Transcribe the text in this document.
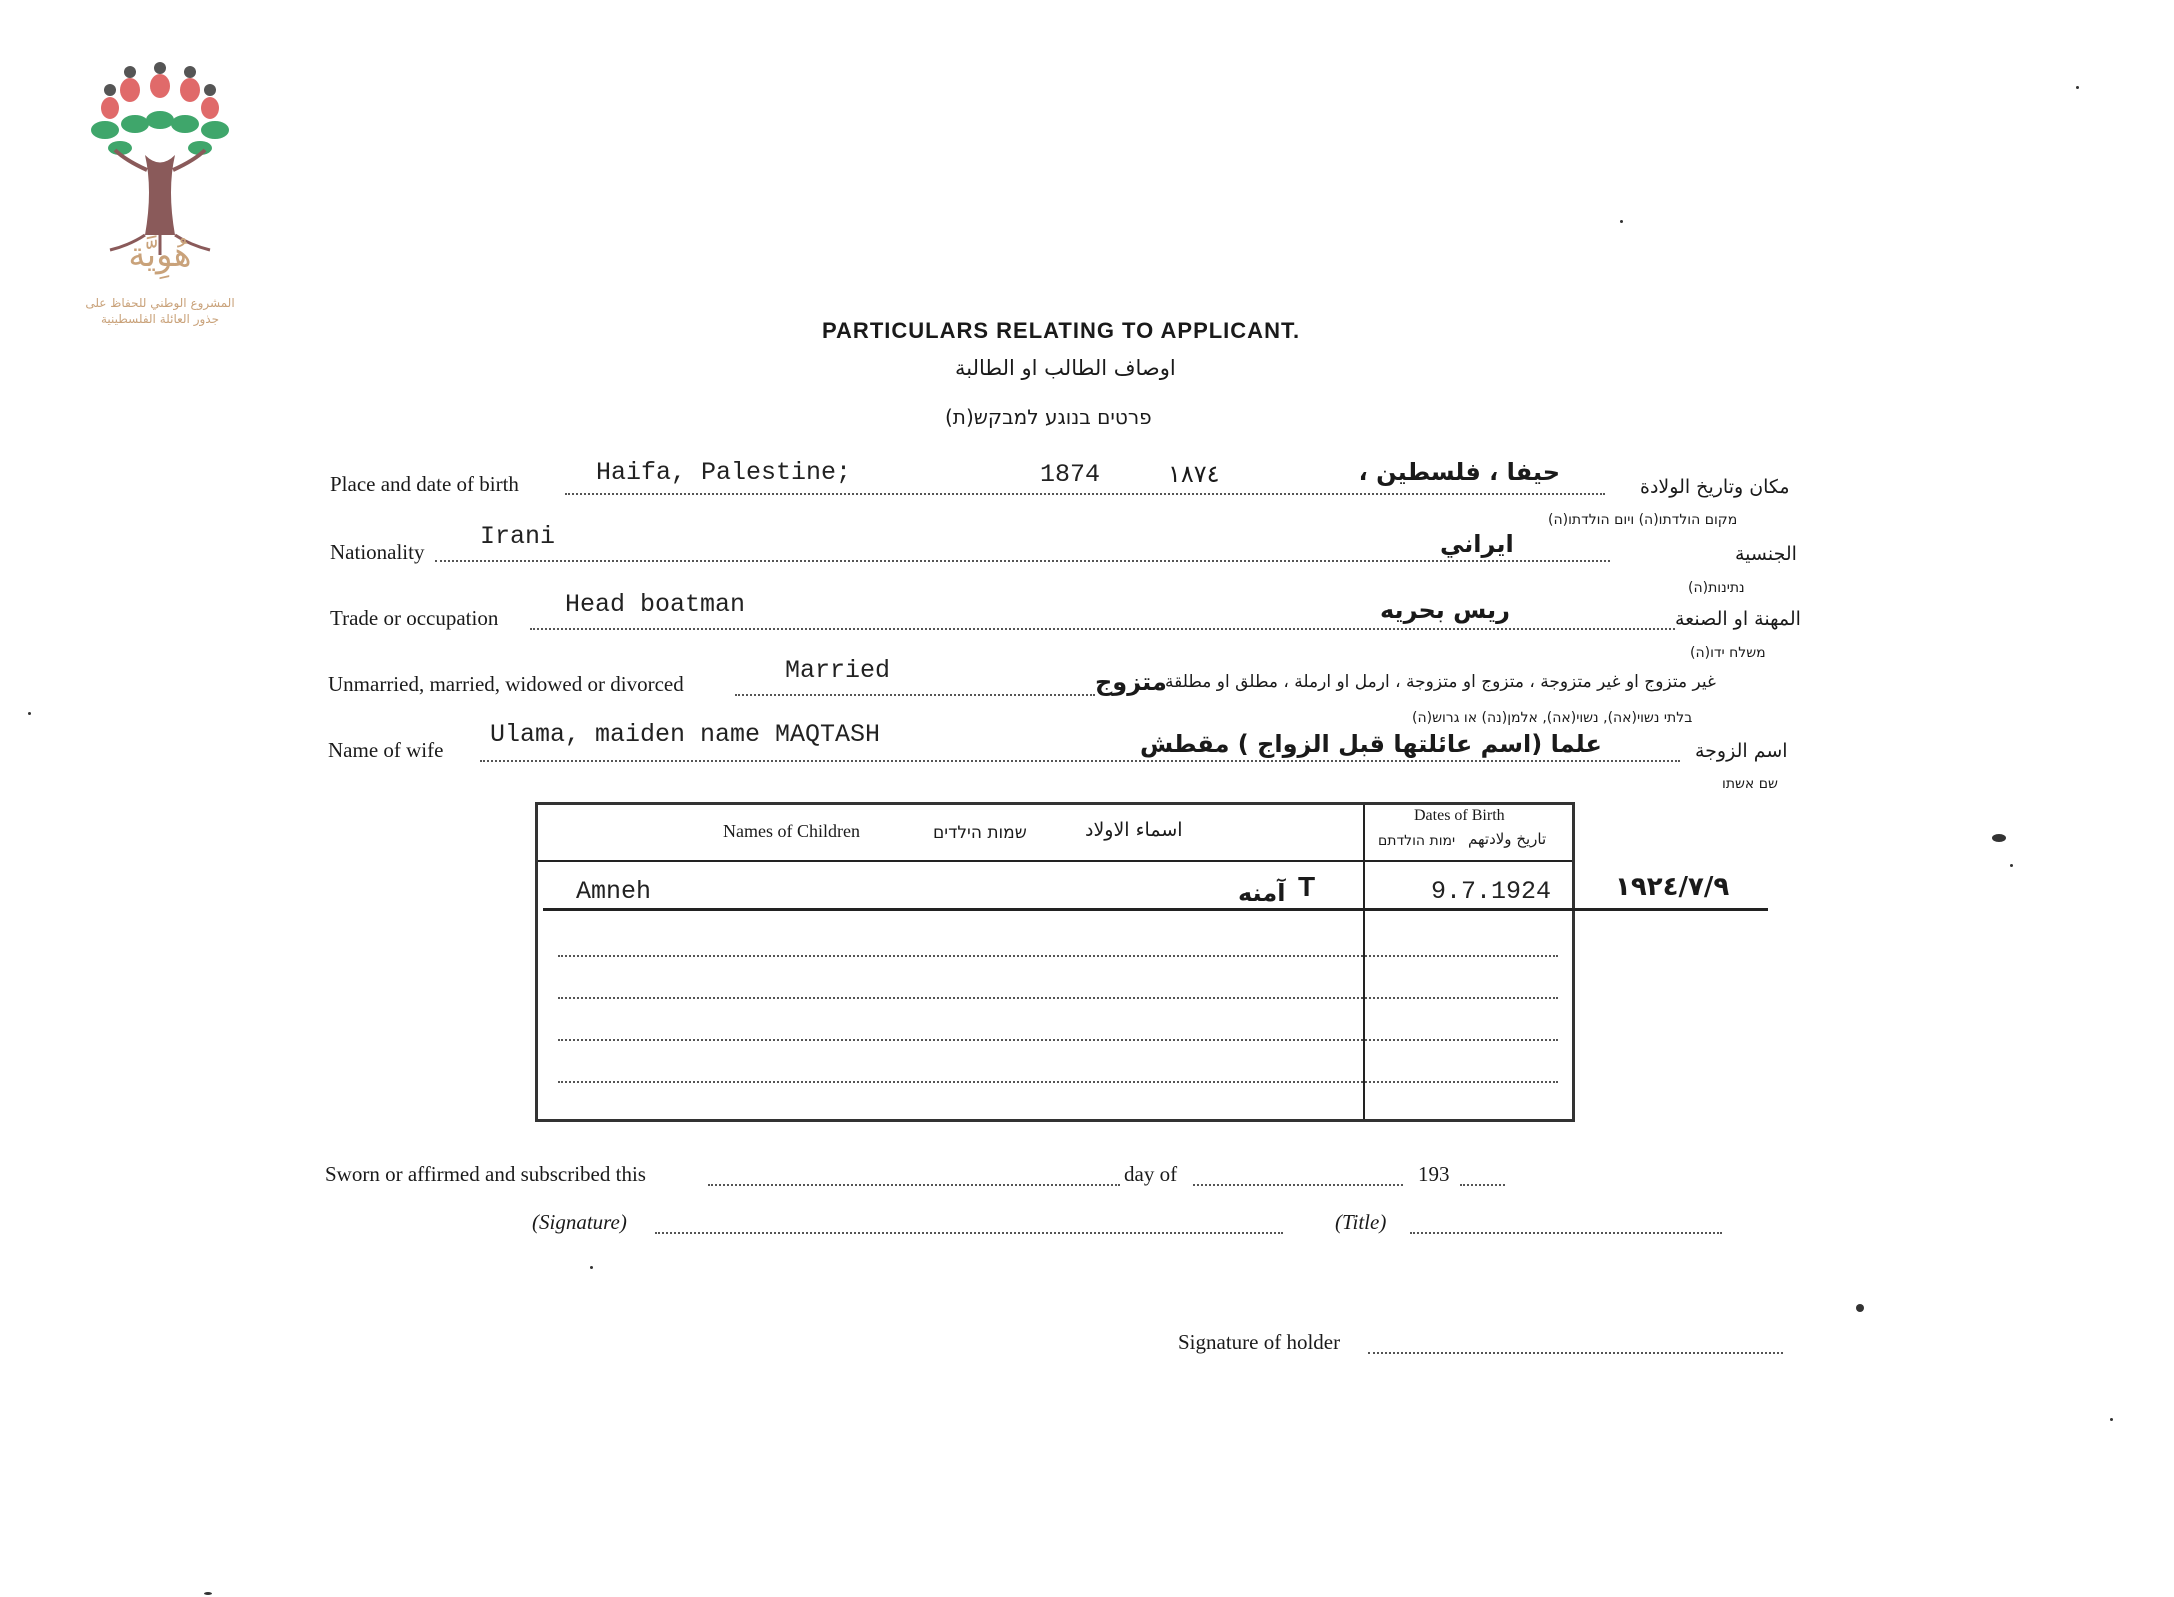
هُوِيَّة
المشروع الوطني للحفاظ على
جذور العائلة الفلسطينية	PARTICULARS RELATING TO APPLICANT.
اوصاف الطالب او الطالبة
פרטים בנוגע למבקש(ת)
Place and date of birth	Haifa, Palestine;	1874	١٨٧٤	حيفا ، فلسطين ،
مكان وتاريخ الولادة
מקום הולדתו(ה) ויום הולדתו(ה)
Nationality
Irani	ايراني	الجنسية
נתינות(ה)
Trade or occupation	Head boatman	ريس بحريه	المهنة او الصنعة
משלח ידו(ה)
Unmarried, married, widowed or divorced	Married	متزوج
غير متزوج او غير متزوجة ، متزوج او متزوجة ، ارمل او ارملة ، مطلق او مطلقة
בלתי נשוי(אה), נשוי(אה), אלמן(נה) או גרוש(ה)
Name of wife
Ulama, maiden name MAQTASH	علما (اسم عائلتها قبل الزواج ) مقطش	اسم الزوجة
שם אשתו
Names of Children	שמות הילדים	اسماء الاولاد
Dates of Birth
تاريخ ولادتهم
ימות הולדתם
Amneh	آمنه T	9.7.1924 ١٩٢٤/٧/٩
Sworn or affirmed and subscribed this	day of	193
(Signature)	(Title)
Signature of holder
